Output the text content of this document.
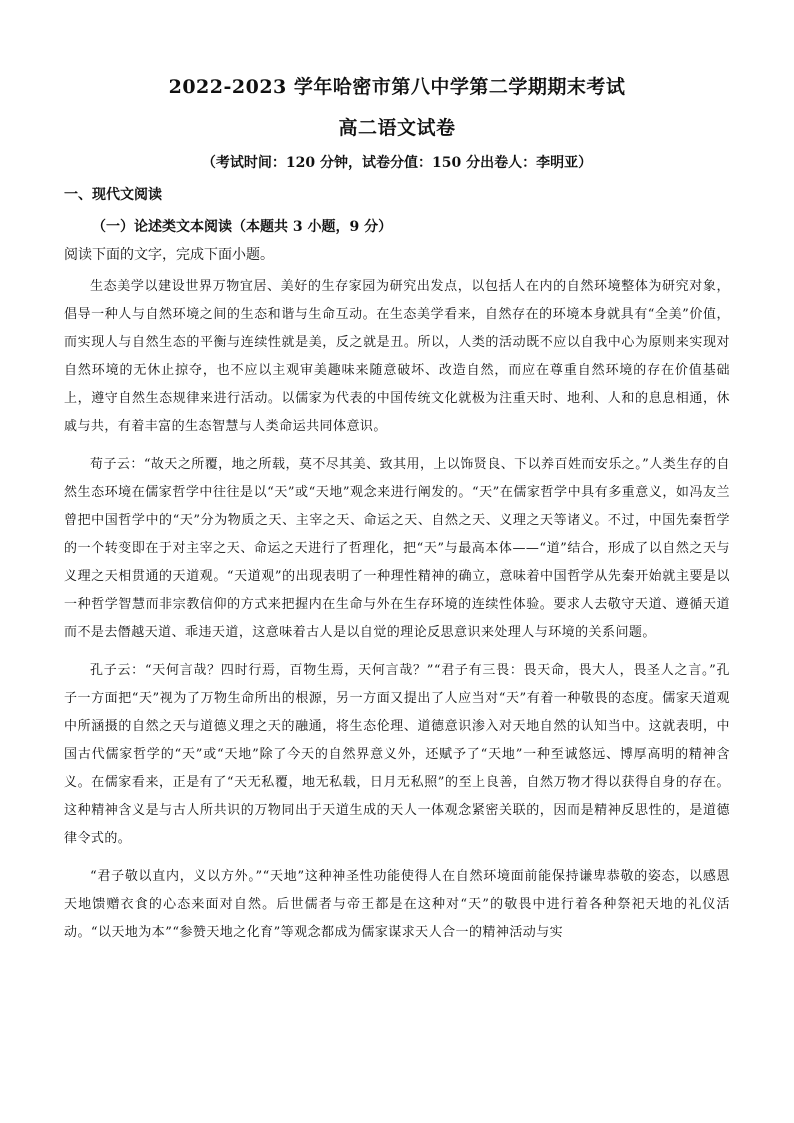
2022-2023 学年哈密市第八中学第二学期期末考试
高二语文试卷
（考试时间：120 分钟，试卷分值：150 分出卷人：李明亚）
一、现代文阅读
（一）论述类文本阅读（本题共 3 小题，9 分）
阅读下面的文字，完成下面小题。

生态美学以建设世界万物宜居、美好的生存家园为研究出发点，以包括人在内的自然环境整体为研究对象，倡导一种人与自然环境之间的生态和谐与生命互动。在生态美学看来，自然存在的环境本身就具有“全美”价值，而实现人与自然生态的平衡与连续性就是美，反之就是丑。所以，人类的活动既不应以自我中心为原则来实现对自然环境的无休止掠夺，也不应以主观审美趣味来随意破坏、改造自然，而应在尊重自然环境的存在价值基础上，遵守自然生态规律来进行活动。以儒家为代表的中国传统文化就极为注重天时、地利、人和的息息相通，休戚与共，有着丰富的生态智慧与人类命运共同体意识。

荀子云：“故天之所覆，地之所载，莫不尽其美、致其用，上以饰贤良、下以养百姓而安乐之。”人类生存的自然生态环境在儒家哲学中往往是以“天”或“天地”观念来进行阐发的。“天”在儒家哲学中具有多重意义，如冯友兰曾把中国哲学中的“天”分为物质之天、主宰之天、命运之天、自然之天、义理之天等诸义。不过，中国先秦哲学的一个转变即在于对主宰之天、命运之天进行了哲理化，把“天”与最高本体——“道”结合，形成了以自然之天与义理之天相贯通的天道观。“天道观”的出现表明了一种理性精神的确立，意味着中国哲学从先秦开始就主要是以一种哲学智慧而非宗教信仰的方式来把握内在生命与外在生存环境的连续性体验。要求人去敬守天道、遵循天道而不是去僭越天道、乖违天道，这意味着古人是以自觉的理论反思意识来处理人与环境的关系问题。

孔子云：“天何言哉？四时行焉，百物生焉，天何言哉？”“君子有三畏：畏天命，畏大人，畏圣人之言。”孔子一方面把“天”视为了万物生命所出的根源，另一方面又提出了人应当对“天”有着一种敬畏的态度。儒家天道观中所涵摄的自然之天与道德义理之天的融通，将生态伦理、道德意识渗入对天地自然的认知当中。这就表明，中国古代儒家哲学的“天”或“天地”除了今天的自然界意义外，还赋予了“天地”一种至诚悠远、博厚高明的精神含义。在儒家看来，正是有了“天无私覆，地无私载，日月无私照”的至上良善，自然万物才得以获得自身的存在。这种精神含义是与古人所共识的万物同出于天道生成的天人一体观念紧密关联的，因而是精神反思性的，是道德律令式的。

“君子敬以直内，义以方外。”“天地”这种神圣性功能使得人在自然环境面前能保持谦卑恭敬的姿态，以感恩天地馈赠衣食的心态来面对自然。后世儒者与帝王都是在这种对“天”的敬畏中进行着各种祭祀天地的礼仪活动。“以天地为本”“参赞天地之化育”等观念都成为儒家谋求天人合一的精神活动与实
